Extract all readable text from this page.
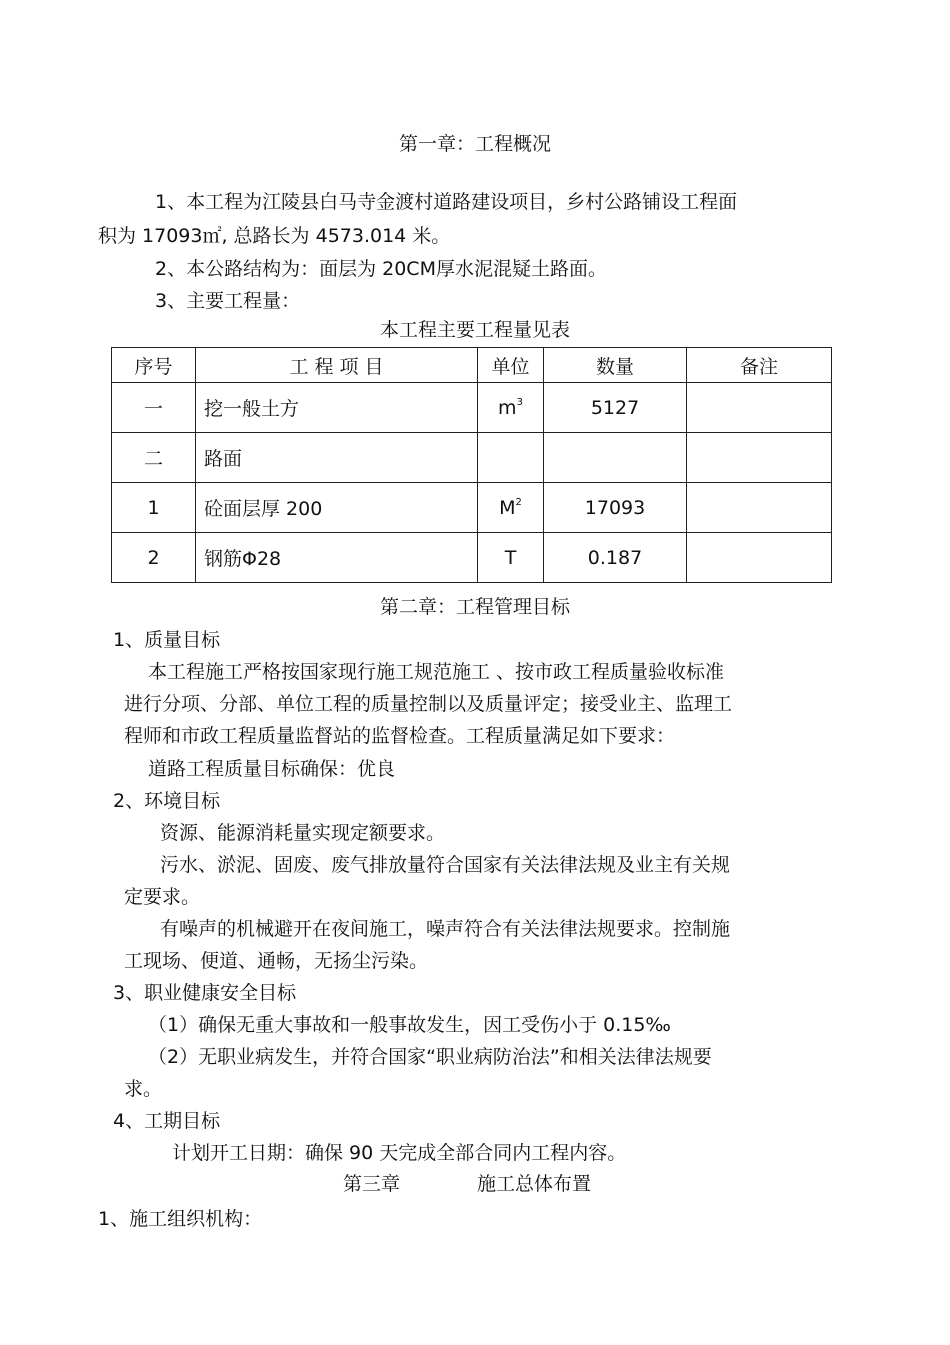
第一章：工程概况
1、本工程为江陵县白马寺金渡村道路建设项目，乡村公路铺设工程面
积为 17093㎡, 总路长为 4573.014 米。
2、本公路结构为：面层为 20CM厚水泥混疑土路面。
3、主要工程量：
本工程主要工程量见表
序号	工 程 项 目	单位	数量	备注
一	挖一般土方	$m^3$	5127	
二	路面			
1	砼面层厚 200	$M^2$	17093	
2	钢筋Φ28	T	0.187	
第二章：工程管理目标
1、质量目标
本工程施工严格按国家现行施工规范施工 、按市政工程质量验收标准
进行分项、分部、单位工程的质量控制以及质量评定；接受业主、监理工
程师和市政工程质量监督站的监督检查。工程质量满足如下要求：
道路工程质量目标确保：优良
2、环境目标
资源、能源消耗量实现定额要求。
污水、淤泥、固废、废气排放量符合国家有关法律法规及业主有关规
定要求。
有噪声的机械避开在夜间施工，噪声符合有关法律法规要求。控制施
工现场、便道、通畅，无扬尘污染。
3、职业健康安全目标
（1）确保无重大事故和一般事故发生，因工受伤小于 0.15‰
（2）无职业病发生，并符合国家“职业病防治法”和相关法律法规要
求。
4、工期目标
计划开工日期：确保 90 天完成全部合同内工程内容。
第三章	施工总体布置
1、施工组织机构：
